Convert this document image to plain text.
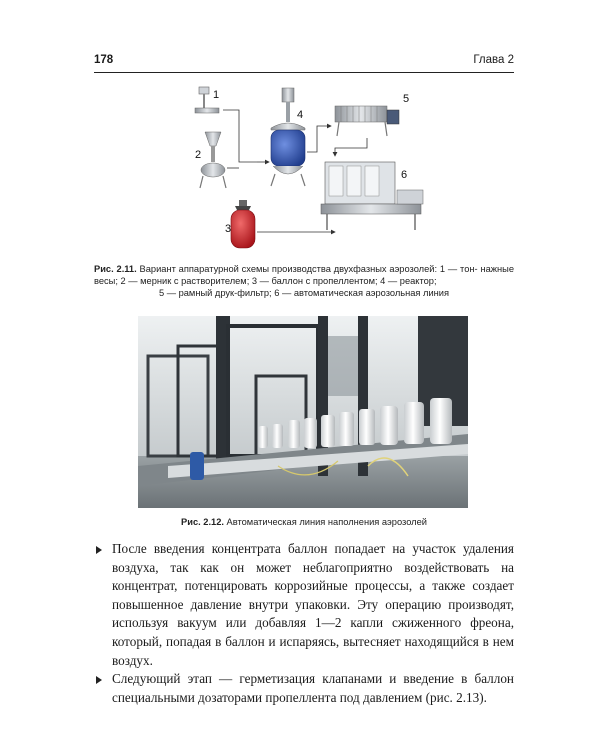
178	Глава 2
1
2
4
5
6
3
Рис. 2.11. Вариант аппаратурной схемы производства двухфазных аэрозолей: 1 — тон- нажные весы; 2 — мерник с растворителем; 3 — баллон с пропеллентом; 4 — реактор;
5 — рамный друк-фильтр; 6 — автоматическая аэрозольная линия
Рис. 2.12. Автоматическая линия наполнения аэрозолей

После введения концентрата баллон попадает на участок удаления воздуха, так как он может неблагоприятно воздействовать на концентрат, потенцировать коррозийные процессы, а также создает повышенное давление внутри упаковки. Эту операцию производят, используя вакуум или добавляя 1—2 капли сжиженного фреона, который, попадая в баллон и испаряясь, вытесняет находящийся в нем воздух.

Следующий этап — герметизация клапанами и введение в баллон специальными дозаторами пропеллента под давлением (рис. 2.13).
